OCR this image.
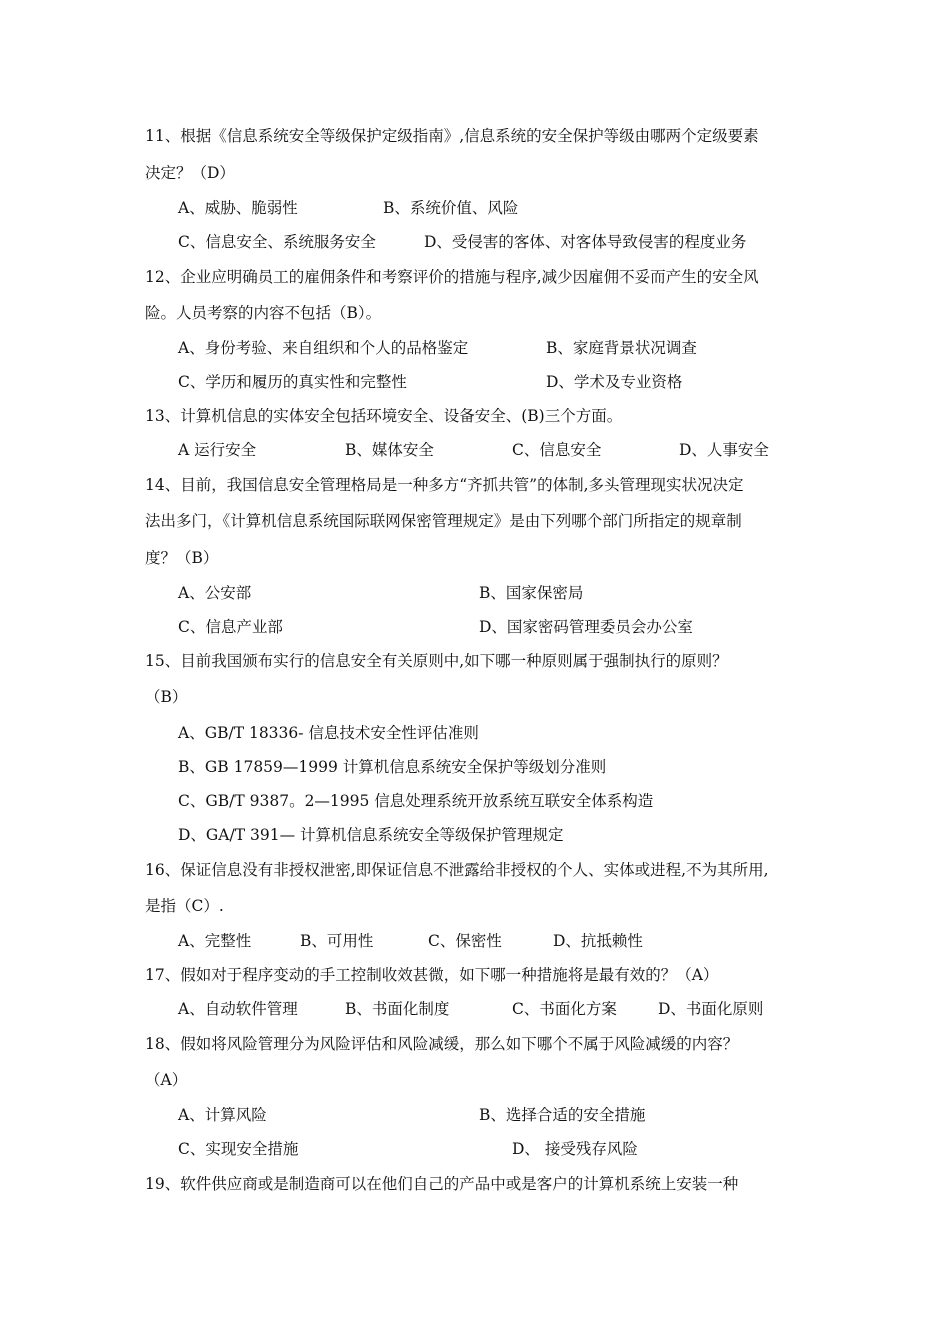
11、根据《信息系统安全等级保护定级指南》,信息系统的安全保护等级由哪两个定级要素
决定？（D）
A、威胁、脆弱性	B、系统价值、风险
C、信息安全、系统服务安全	D、受侵害的客体、对客体导致侵害的程度业务
12、企业应明确员工的雇佣条件和考察评价的措施与程序,减少因雇佣不妥而产生的安全风
险。人员考察的内容不包括（B）。
A、身份考验、来自组织和个人的品格鉴定	B、家庭背景状况调查
C、学历和履历的真实性和完整性	D、学术及专业资格
13、计算机信息的实体安全包括环境安全、设备安全、(B)三个方面。
A 运行安全	B、媒体安全	C、信息安全	D、人事安全
14、目前，我国信息安全管理格局是一种多方“齐抓共管”的体制,多头管理现实状况决定
法出多门，《计算机信息系统国际联网保密管理规定》是由下列哪个部门所指定的规章制
度？（B）
A、公安部	B、国家保密局
C、信息产业部	D、国家密码管理委员会办公室
15、目前我国颁布实行的信息安全有关原则中,如下哪一种原则属于强制执行的原则？
（B）
A、GB/T 18336- 信息技术安全性评估准则
B、GB 17859—1999 计算机信息系统安全保护等级划分准则
C、GB/T 9387。2—1995 信息处理系统开放系统互联安全体系构造
D、GA/T 391— 计算机信息系统安全等级保护管理规定
16、保证信息没有非授权泄密,即保证信息不泄露给非授权的个人、实体或进程,不为其所用,
是指（C）.
A、完整性	B、可用性	C、保密性	D、抗抵赖性
17、假如对于程序变动的手工控制收效甚微，如下哪一种措施将是最有效的？（A）
A、自动软件管理	B、书面化制度	C、书面化方案	D、书面化原则
18、假如将风险管理分为风险评估和风险减缓，那么如下哪个不属于风险减缓的内容？
（A）
A、计算风险	B、选择合适的安全措施
C、实现安全措施	D、 接受残存风险
19、软件供应商或是制造商可以在他们自己的产品中或是客户的计算机系统上安装一种
